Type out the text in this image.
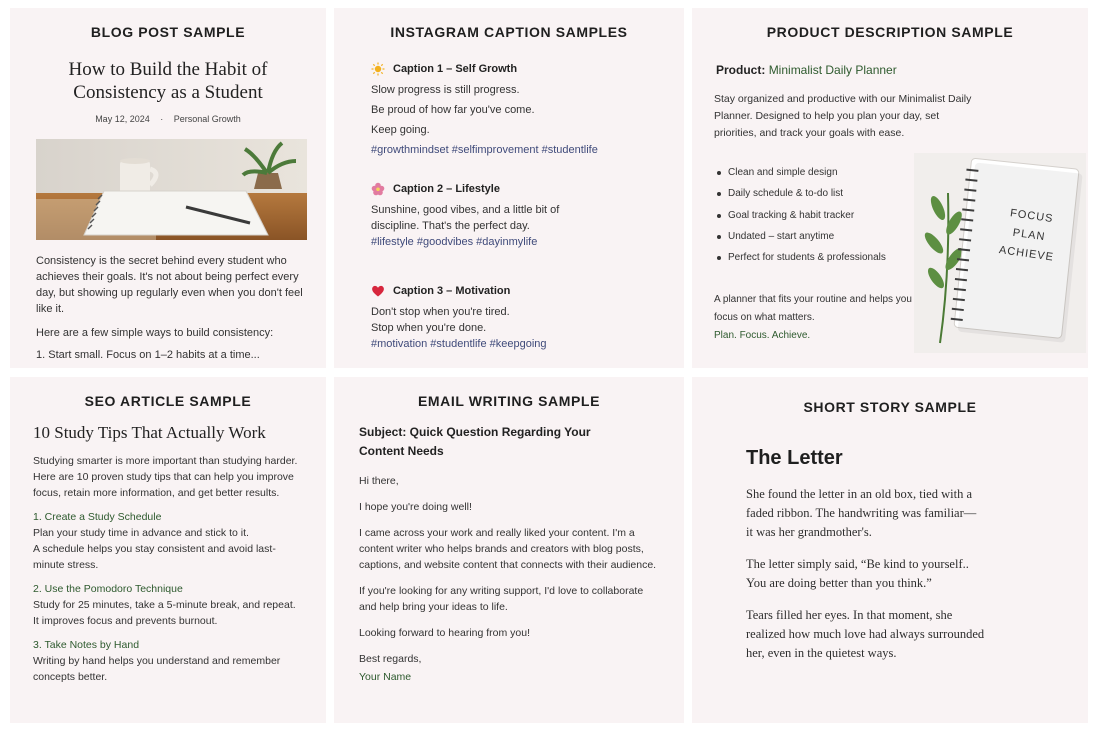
BLOG POST SAMPLE
How to Build the Habit of
Consistency as a Student
May 12, 2024 · Personal Growth
Consistency is the secret behind every student who achieves their goals. It's not about being perfect every day, but showing up regularly even when you don't feel like it.
Here are a few simple ways to build consistency:
1. Start small. Focus on 1–2 habits at a time...
INSTAGRAM CAPTION SAMPLES
Caption 1 – Self Growth
Slow progress is still progress.
Be proud of how far you've come.
Keep going.
#growthmindset #selfimprovement #studentlife
Caption 2 – Lifestyle
Sunshine, good vibes, and a little bit of
discipline. That's the perfect day.
#lifestyle #goodvibes #dayinmylife
Caption 3 – Motivation
Don't stop when you're tired.
Stop when you're done.
#motivation #studentlife #keepgoing
PRODUCT DESCRIPTION SAMPLE
Product: Minimalist Daily Planner
Stay organized and productive with our Minimalist Daily Planner. Designed to help you plan your day, set priorities, and track your goals with ease.
Clean and simple design
Daily schedule & to-do list
Goal tracking & habit tracker
Undated – start anytime
Perfect for students & professionals
A planner that fits your routine and helps you focus on what matters.
Plan. Focus. Achieve.
FOCUS
PLAN
ACHIEVE
SEO ARTICLE SAMPLE
10 Study Tips That Actually Work
Studying smarter is more important than studying harder. Here are 10 proven study tips that can help you improve focus, retain more information, and get better results.
1. Create a Study Schedule
Plan your study time in advance and stick to it.
A schedule helps you stay consistent and avoid last-minute stress.
2. Use the Pomodoro Technique
Study for 25 minutes, take a 5-minute break, and repeat. It improves focus and prevents burnout.
3. Take Notes by Hand
Writing by hand helps you understand and remember concepts better.
EMAIL WRITING SAMPLE
Subject: Quick Question Regarding Your Content Needs
Hi there,
I hope you're doing well!
I came across your work and really liked your content. I'm a content writer who helps brands and creators with blog posts, captions, and website content that connects with their audience.
If you're looking for any writing support, I'd love to collaborate and help bring your ideas to life.
Looking forward to hearing from you!
Best regards,
Your Name
SHORT STORY SAMPLE
The Letter
She found the letter in an old box, tied with a
faded ribbon. The handwriting was familiar—
it was her grandmother's.
The letter simply said, “Be kind to yourself..
You are doing better than you think.”
Tears filled her eyes. In that moment, she
realized how much love had always surrounded
her, even in the quietest ways.
